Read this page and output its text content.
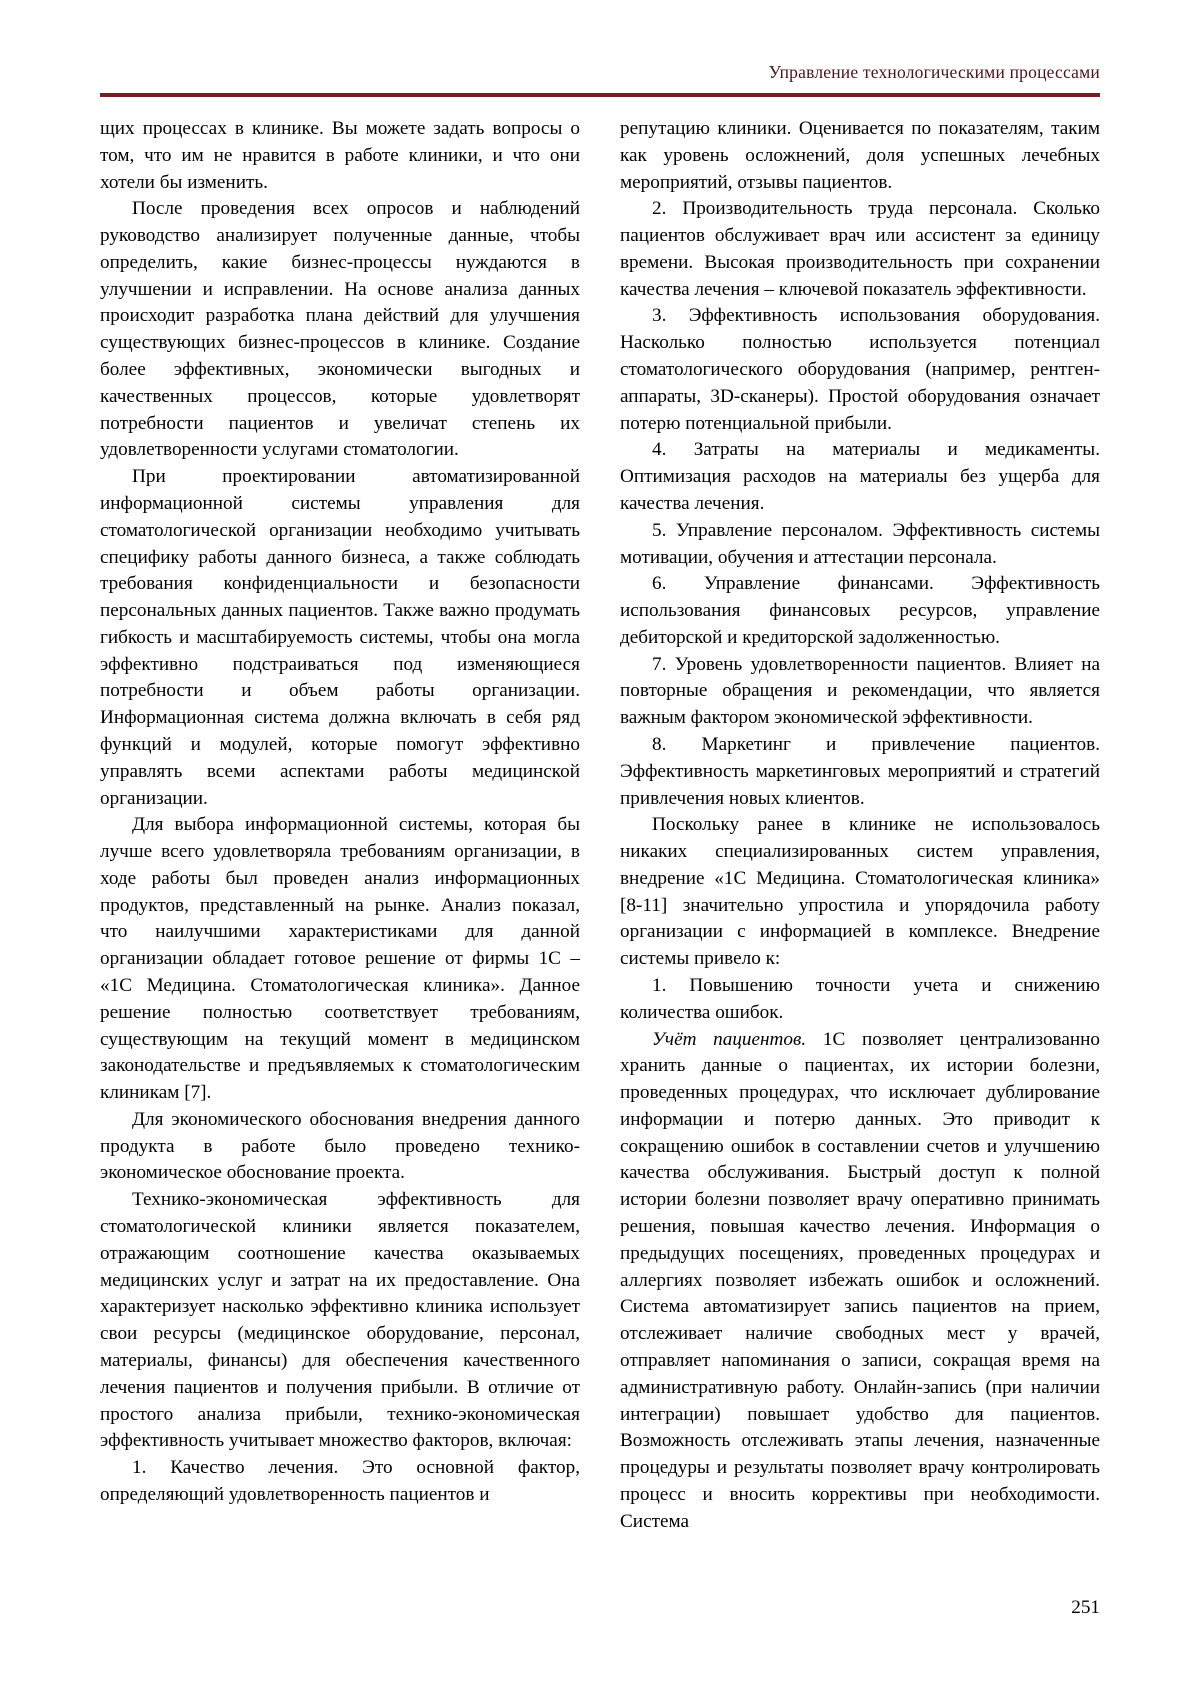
Управление технологическими процессами

щих процессах в клинике. Вы можете задать вопросы о том, что им не нравится в работе клиники, и что они хотели бы изменить.

После проведения всех опросов и наблюдений руководство анализирует полученные данные, чтобы определить, какие бизнес-процессы нуждаются в улучшении и исправлении. На основе анализа данных происходит разработка плана действий для улучшения существующих бизнес-процессов в клинике. Создание более эффективных, экономически выгодных и качественных процессов, которые удовлетворят потребности пациентов и увеличат степень их удовлетворенности услугами стоматологии.

При проектировании автоматизированной информационной системы управления для стоматологической организации необходимо учитывать специфику работы данного бизнеса, а также соблюдать требования конфиденциальности и безопасности персональных данных пациентов. Также важно продумать гибкость и масштабируемость системы, чтобы она могла эффективно подстраиваться под изменяющиеся потребности и объем работы организации. Информационная система должна включать в себя ряд функций и модулей, которые помогут эффективно управлять всеми аспектами работы медицинской организации.

Для выбора информационной системы, которая бы лучше всего удовлетворяла требованиям организации, в ходе работы был проведен анализ информационных продуктов, представленный на рынке. Анализ показал, что наилучшими характеристиками для данной организации обладает готовое решение от фирмы 1С – «1С Медицина. Стоматологическая клиника». Данное решение полностью соответствует требованиям, существующим на текущий момент в медицинском законодательстве и предъявляемых к стоматологическим клиникам [7].

Для экономического обоснования внедрения данного продукта в работе было проведено технико-экономическое обоснование проекта.

Технико-экономическая эффективность для стоматологической клиники является показателем, отражающим соотношение качества оказываемых медицинских услуг и затрат на их предоставление. Она характеризует насколько эффективно клиника использует свои ресурсы (медицинское оборудование, персонал, материалы, финансы) для обеспечения качественного лечения пациентов и получения прибыли. В отличие от простого анализа прибыли, технико-экономическая эффективность учитывает множество факторов, включая:

1. Качество лечения. Это основной фактор, определяющий удовлетворенность пациентов и

репутацию клиники. Оценивается по показателям, таким как уровень осложнений, доля успешных лечебных мероприятий, отзывы пациентов.

2. Производительность труда персонала. Сколько пациентов обслуживает врач или ассистент за единицу времени. Высокая производительность при сохранении качества лечения – ключевой показатель эффективности.

3. Эффективность использования оборудования. Насколько полностью используется потенциал стоматологического оборудования (например, рентген-аппараты, 3D-сканеры). Простой оборудования означает потерю потенциальной прибыли.

4. Затраты на материалы и медикаменты. Оптимизация расходов на материалы без ущерба для качества лечения.

5. Управление персоналом. Эффективность системы мотивации, обучения и аттестации персонала.

6. Управление финансами. Эффективность использования финансовых ресурсов, управление дебиторской и кредиторской задолженностью.

7. Уровень удовлетворенности пациентов. Влияет на повторные обращения и рекомендации, что является важным фактором экономической эффективности.

8. Маркетинг и привлечение пациентов. Эффективность маркетинговых мероприятий и стратегий привлечения новых клиентов.

Поскольку ранее в клинике не использовалось никаких специализированных систем управления, внедрение «1С Медицина. Стоматологическая клиника» [8-11] значительно упростила и упорядочила работу организации с информацией в комплексе. Внедрение системы привело к:

1. Повышению точности учета и снижению количества ошибок.

Учёт пациентов. 1С позволяет централизованно хранить данные о пациентах, их истории болезни, проведенных процедурах, что исключает дублирование информации и потерю данных. Это приводит к сокращению ошибок в составлении счетов и улучшению качества обслуживания. Быстрый доступ к полной истории болезни позволяет врачу оперативно принимать решения, повышая качество лечения. Информация о предыдущих посещениях, проведенных процедурах и аллергиях позволяет избежать ошибок и осложнений. Система автоматизирует запись пациентов на прием, отслеживает наличие свободных мест у врачей, отправляет напоминания о записи, сокращая время на административную работу. Онлайн-запись (при наличии интеграции) повышает удобство для пациентов. Возможность отслеживать этапы лечения, назначенные процедуры и результаты позволяет врачу контролировать процесс и вносить коррективы при необходимости. Система

251
